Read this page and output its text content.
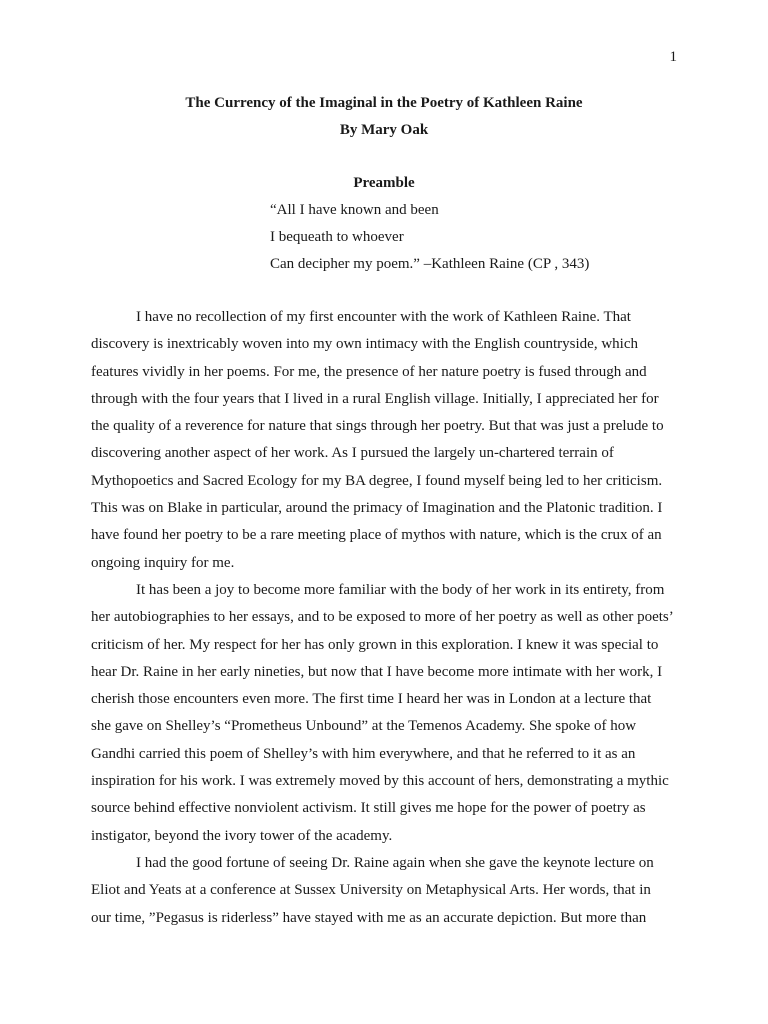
1
The Currency of the Imaginal in the Poetry of Kathleen Raine
By Mary Oak
Preamble
“All I have known and been
I bequeath to whoever
Can decipher my poem.” –Kathleen Raine (CP , 343)
I have no recollection of my first encounter with the work of Kathleen Raine. That
discovery is inextricably woven into my own intimacy with the English countryside, which
features vividly in her poems. For me, the presence of her nature poetry is fused through and
through with the four years that I lived in a rural English village. Initially, I appreciated her for
the quality of a reverence for nature that sings through her poetry. But that was just a prelude to
discovering another aspect of her work. As I pursued the largely un-chartered terrain of
Mythopoetics and Sacred Ecology for my BA degree, I found myself being led to her criticism.
This was on Blake in particular, around the primacy of Imagination and the Platonic tradition. I
have found her poetry to be a rare meeting place of mythos with nature, which is the crux of an
ongoing inquiry for me.
It has been a joy to become more familiar with the body of her work in its entirety, from
her autobiographies to her essays, and to be exposed to more of her poetry as well as other poets’
criticism of her. My respect for her has only grown in this exploration. I knew it was special to
hear Dr. Raine in her early nineties, but now that I have become more intimate with her work, I
cherish those encounters even more. The first time I heard her was in London at a lecture that
she gave on Shelley’s “Prometheus Unbound” at the Temenos Academy. She spoke of how
Gandhi carried this poem of Shelley’s with him everywhere, and that he referred to it as an
inspiration for his work. I was extremely moved by this account of hers, demonstrating a mythic
source behind effective nonviolent activism. It still gives me hope for the power of poetry as
instigator, beyond the ivory tower of the academy.
I had the good fortune of seeing Dr. Raine again when she gave the keynote lecture on
Eliot and Yeats at a conference at Sussex University on Metaphysical Arts. Her words, that in
our time, ”Pegasus is riderless” have stayed with me as an accurate depiction. But more than
